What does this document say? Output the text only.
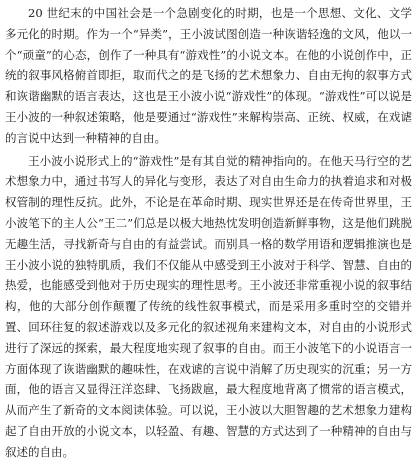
20 世纪末的中国社会是一个急剧变化的时期，也是一个思想、文化、文学多元化的时期。作为一个“异类”，王小波试图创造一种诙谐轻逸的文风，他以一个“顽童”的心态，创作了一种具有“游戏性”的小说文本。在他的小说创作中，正统的叙事风格俯首即拒，取而代之的是飞扬的艺术想象力、自由无拘的叙事方式和诙谐幽默的语言表达，这也是王小波小说“游戏性”的体现。“游戏性”可以说是王小波的一种叙述策略，他是要通过“游戏性”来解构崇高、正统、权威，在戏谑的言说中达到一种精神的自由。

王小波小说形式上的“游戏性”是有其自觉的精神指向的。在他天马行空的艺术想象力中，通过书写人的异化与变形，表达了对自由生命力的执着追求和对极权管制的理性反抗。此外，不论是在革命时期、现实世界还是在传奇世界里，王小波笔下的主人公“王二”们总是以极大地热忱发明创造新鲜事物，这是他们跳脱无趣生活，寻找新奇与自由的有益尝试。而别具一格的数学用语和逻辑推演也是王小波小说的独特肌质，我们不仅能从中感受到王小波对于科学、智慧、自由的热爱，也能感受到他对于历史现实的理性思考。王小波还非常重视小说的叙事结构，他的大部分创作颠覆了传统的线性叙事模式，而是采用多重时空的交错并置、回环往复的叙述游戏以及多元化的叙述视角来建构文本，对自由的小说形式进行了深远的探索，最大程度地实现了叙事的自由。而王小波笔下的小说语言一方面体现了诙谐幽默的趣味性，在戏谑的言说中消解了历史现实的沉重；另一方面，他的语言又显得汪洋恣肆、飞扬跋扈，最大程度地背离了惯常的语言模式，从而产生了新奇的文本阅读体验。可以说，王小波以大胆智趣的艺术想象力建构起了自由开放的小说文本，以轻盈、有趣、智慧的方式达到了一种精神的自由与叙述的自由。
